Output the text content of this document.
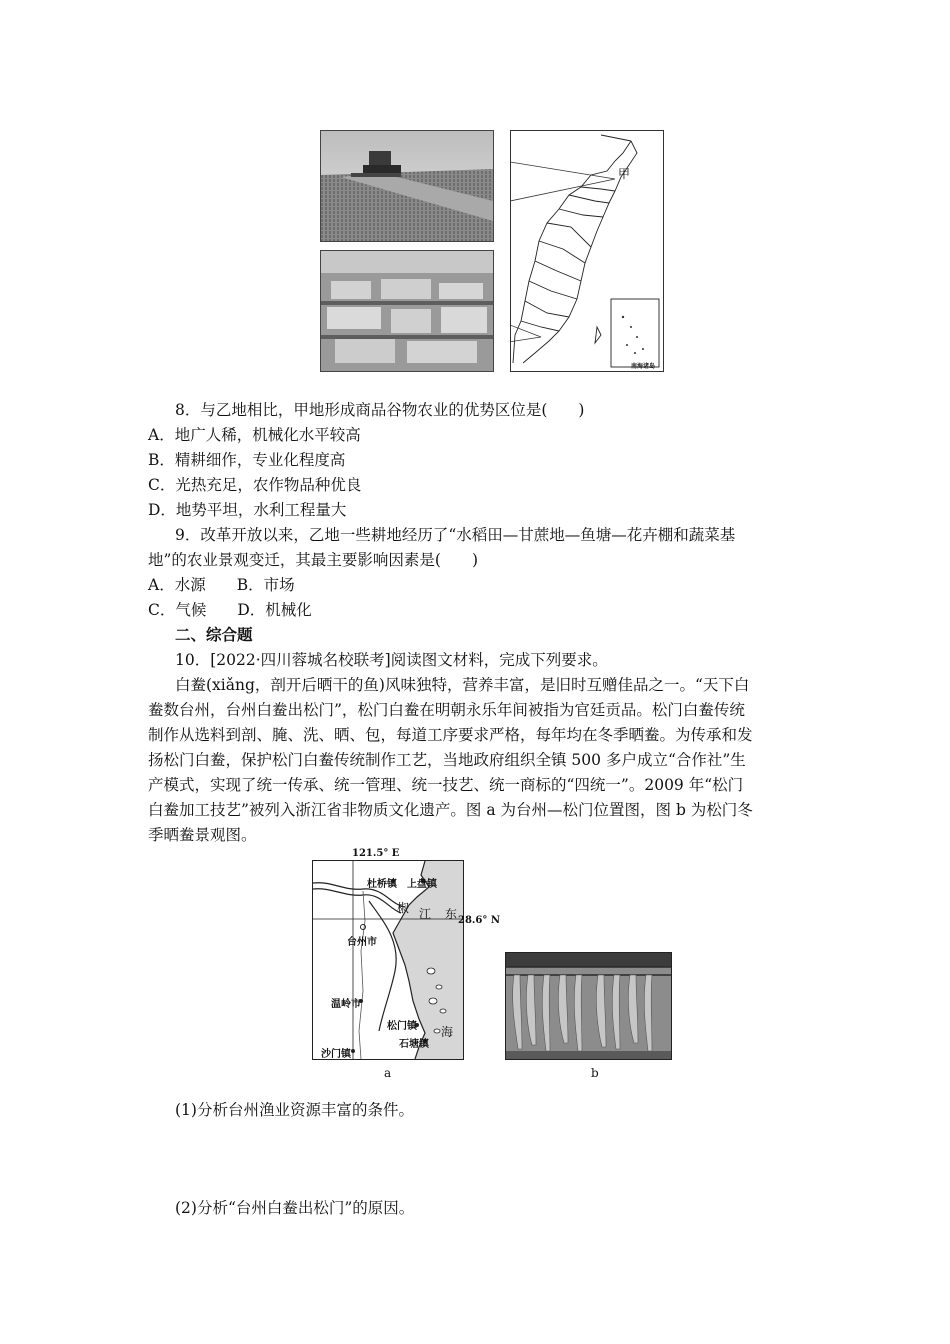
甲
南海诸岛
8．与乙地相比，甲地形成商品谷物农业的优势区位是(　　)
A．地广人稀，机械化水平较高
B．精耕细作，专业化程度高
C．光热充足，农作物品种优良
D．地势平坦，水利工程量大
9．改革开放以来，乙地一些耕地经历了“水稻田—甘蔗地—鱼塘—花卉棚和蔬菜基
地”的农业景观变迁，其最主要影响因素是(　　)
A．水源　　B．市场
C．气候　　D．机械化
二、综合题
10．[2022·四川蓉城名校联考]阅读图文材料，完成下列要求。
白鲞(xiǎng，剖开后晒干的鱼)风味独特，营养丰富，是旧时互赠佳品之一。“天下白
鲞数台州，台州白鲞出松门”，松门白鲞在明朝永乐年间被指为官廷贡品。松门白鲞传统
制作从选料到剖、腌、洗、晒、包，每道工序要求严格，每年均在冬季晒鲞。为传承和发
扬松门白鲞，保护松门白鲞传统制作工艺，当地政府组织全镇 500 多户成立“合作社”生
产模式，实现了统一传承、统一管理、统一技艺、统一商标的“四统一”。2009 年“松门
白鲞加工技艺”被列入浙江省非物质文化遗产。图 a 为台州—松门位置图，图 b 为松门冬
季晒鲞景观图。
121.5° E
杜桥镇 上盘镇
椒 江 东
台州市
温岭市
松门镇 海
石塘镇
沙门镇
28.6° N
a	b
(1)分析台州渔业资源丰富的条件。
(2)分析“台州白鲞出松门”的原因。
